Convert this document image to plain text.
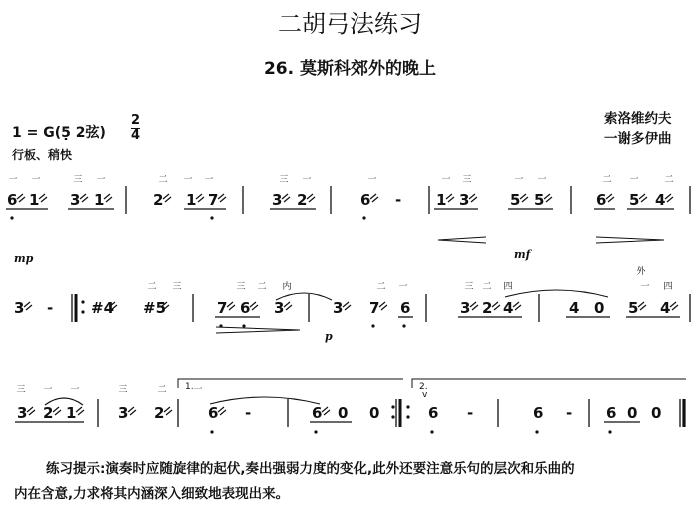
二胡弓法练习
26. 莫斯科郊外的晚上
1 = G(5̣ 2弦)
2
4
行板、稍快
索洛维约夫
一谢多伊曲
一 一	三 一	二 一 一	三 一	一	一 三	一 一	二 一	二
6 1 3 1	2 1 7	3 2	6 - 1 3	5 5	6 5 4
mp	mf
二 三	三 二 内	二 一	三 二 四
外
一 四
3 -	#4 #5	7 6 3	3 7 6	3 2 4	4 0 5 4
p
三 一 一	三	二	一
1.	2.
3 2 1	3 2	6 -	6 0 0
v
6 -	6 - 6 0 0
练习提示:演奏时应随旋律的起伏,奏出强弱力度的变化,此外还要注意乐句的层次和乐曲的
内在含意,力求将其内涵深入细致地表现出来。
